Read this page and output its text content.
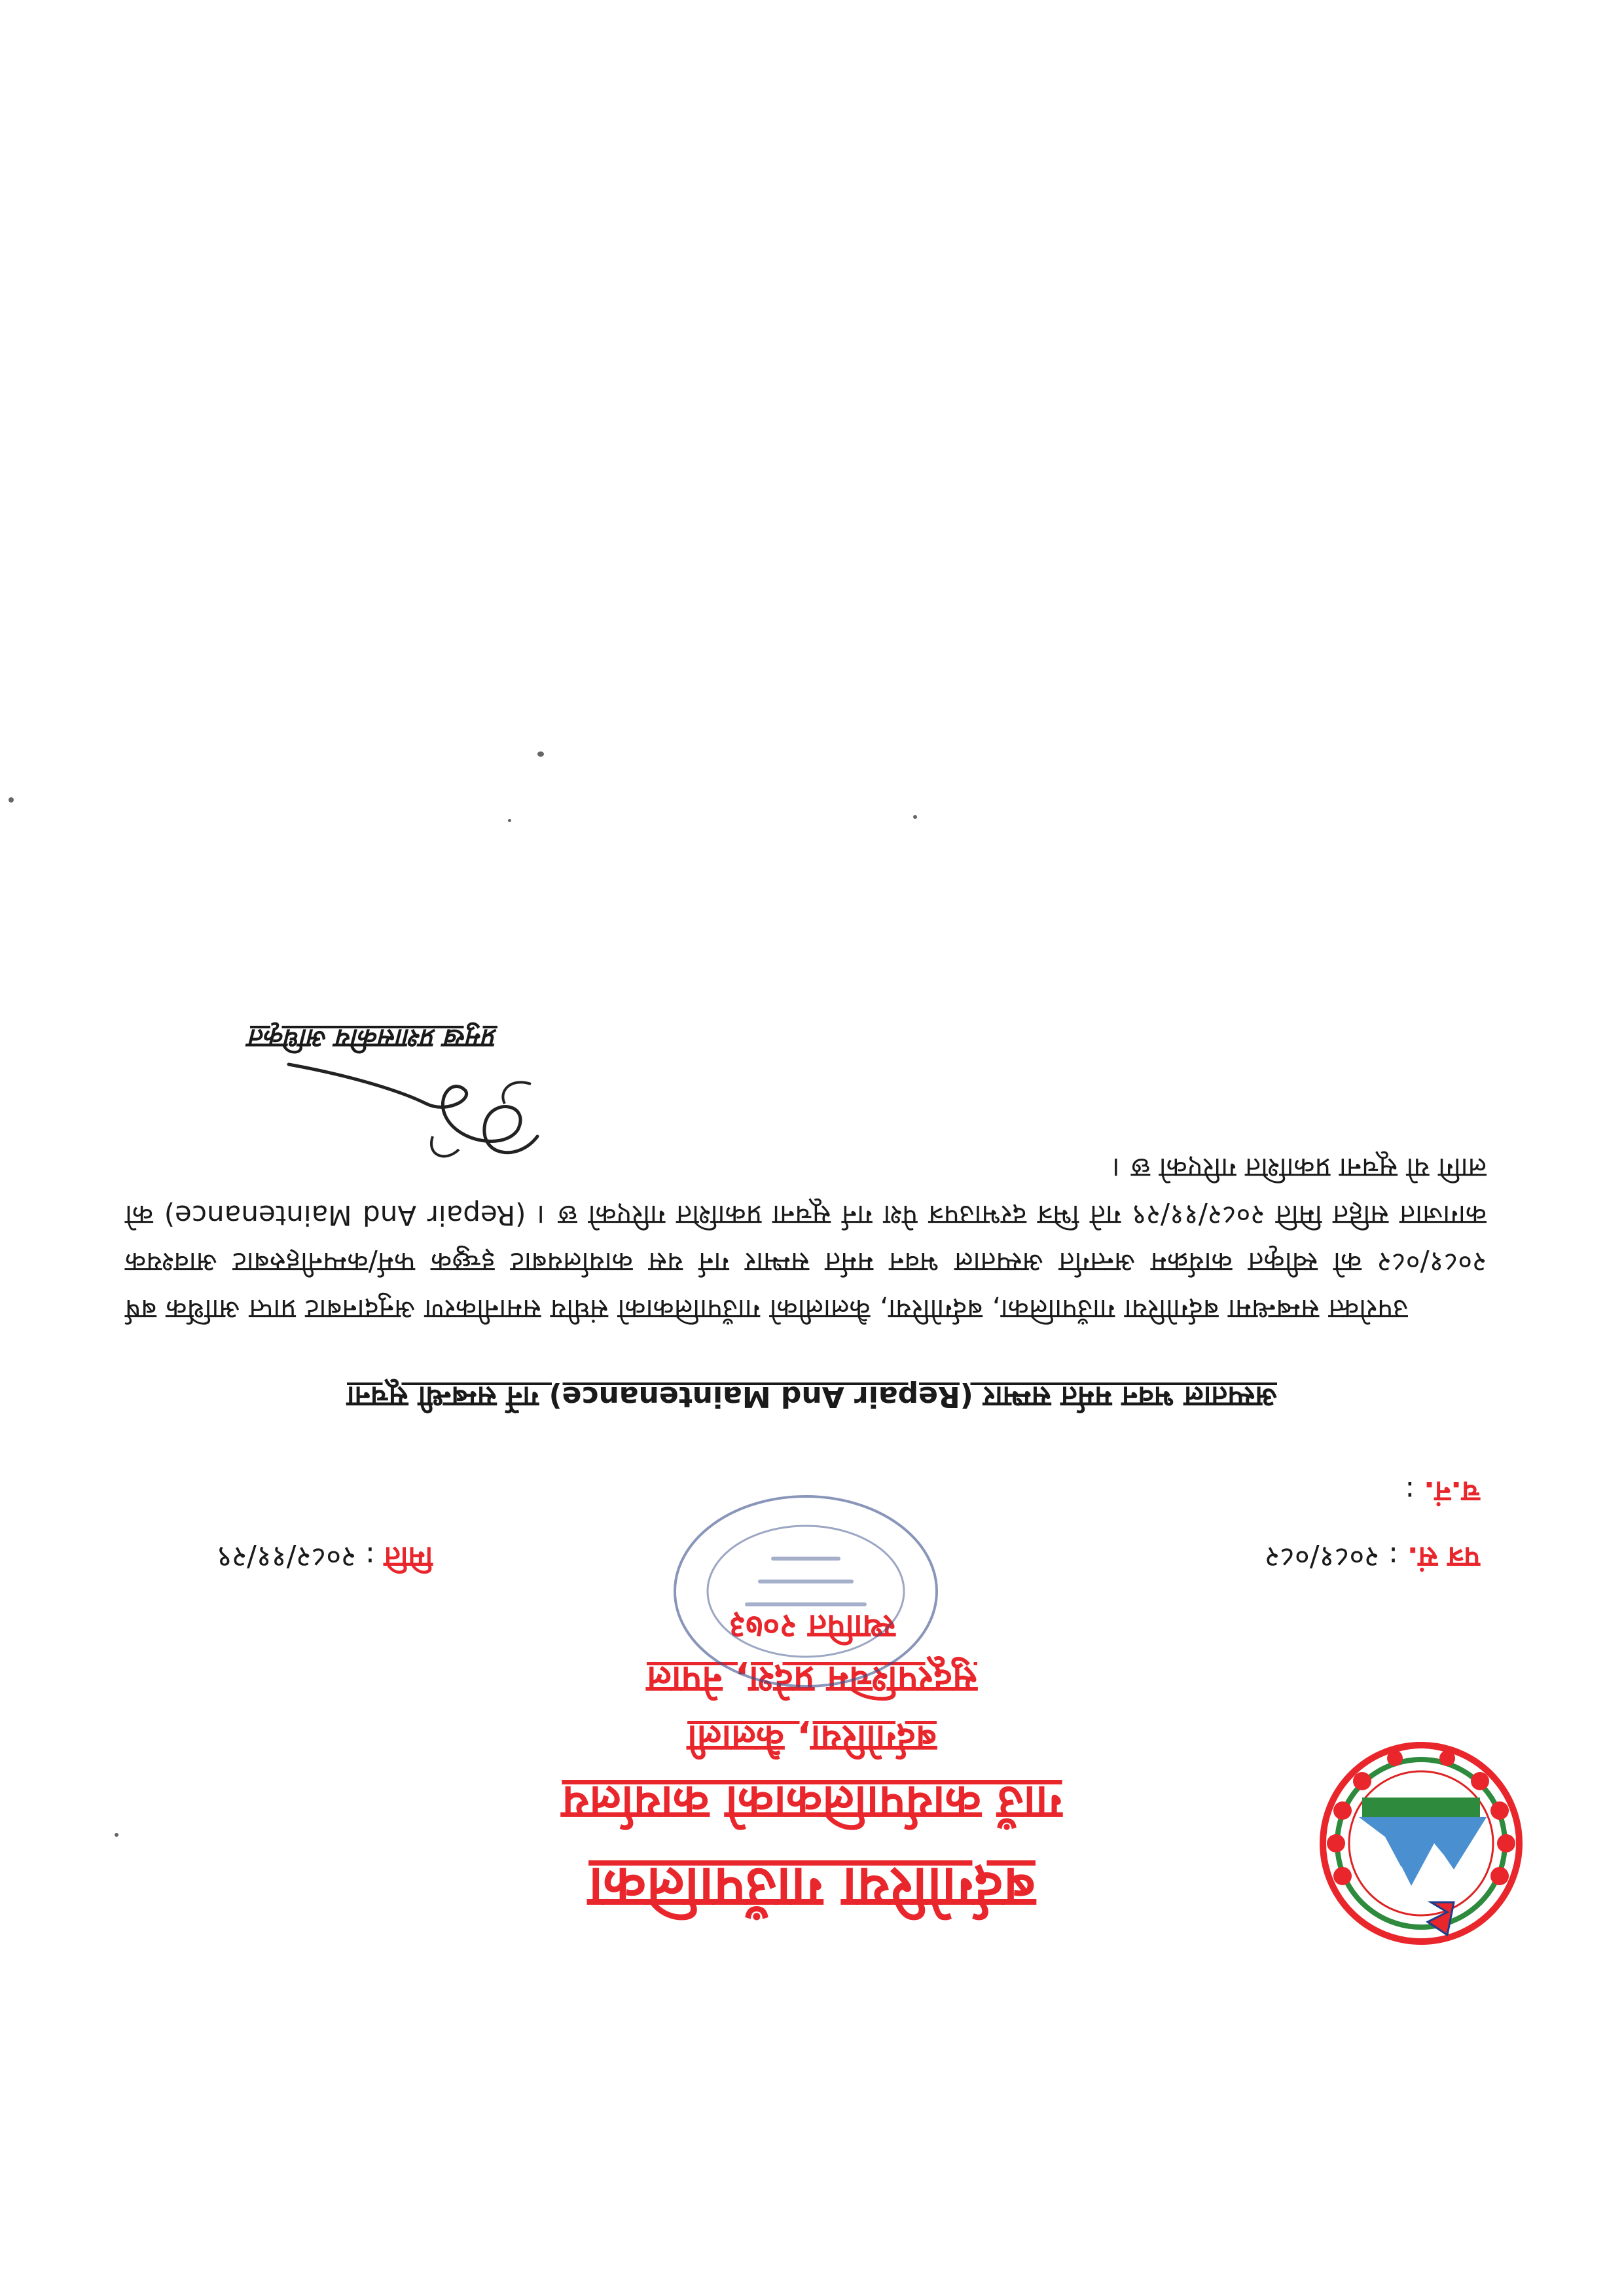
बर्दगोरिया गाउँपालिका
गाउँ कार्यपालिकाको कार्यालय
बर्दगोरिया, कैलाली
सुदूरपश्चिम प्रदेश, नेपाल
स्थापित २०७३
पत्र सं. : २०८१/०८२
च.नं. :
मिति : २०८२/११/२९
अस्पताल भवन मर्मत सम्भार (Repair And Maintenance) गर्ने सम्बन्धी सूचना
उपरोक्त सम्बन्धमा बर्दगोरिया गाउँपालिका, बर्दगोरिया, कैलालीको गाउँपालिकाको संघीय समानीकरण अनुदानबाट प्राप्त आर्थिक बर्ष २०८१/०८२ को स्वीकृत कार्यक्रम अन्तर्गत अस्पताल भवन मर्मत सम्भार गर्न यस कार्यालयबाट इच्छुक फर्म/कम्पनीहरुबाट आवश्यक कागजात सहित मिति २०८२/११/२९ गते भित्र दरभाउपत्र पेश गर्न सूचना प्रकाशित गरिएको छ । (Repair And Maintenance) को लागि यो सूचना प्रकाशित गरिएको छ ।
प्रमुख प्रशासकीय अधिकृत
